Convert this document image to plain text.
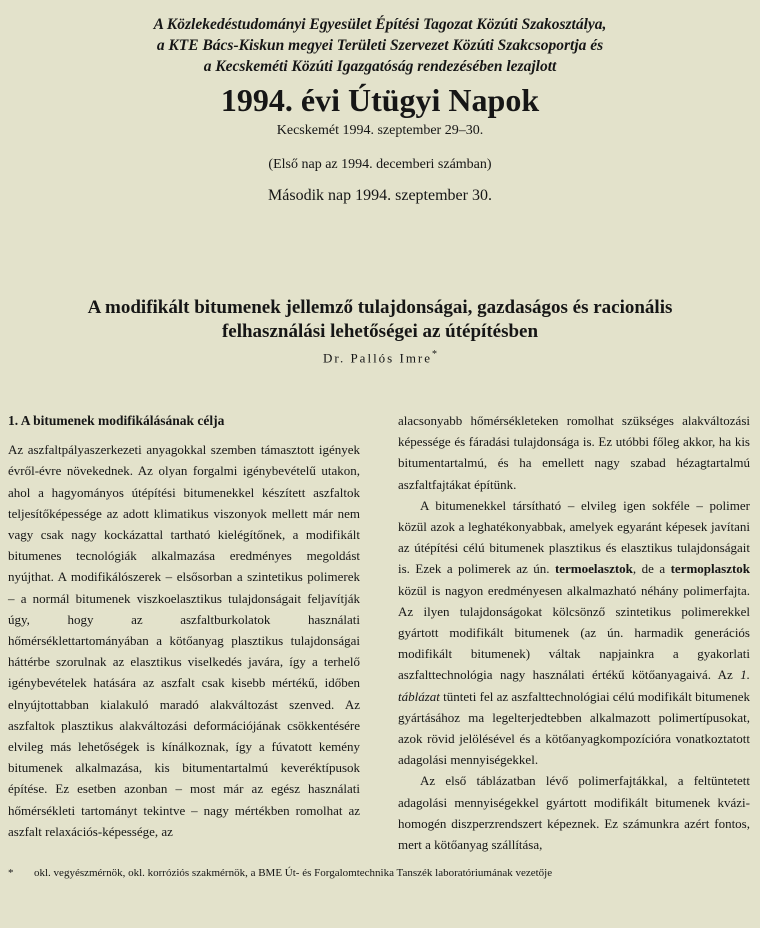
A Közlekedéstudományi Egyesület Építési Tagozat Közúti Szakosztálya,

a KTE Bács-Kiskun megyei Területi Szervezet Közúti Szakcsoportja és

a Kecskeméti Közúti Igazgatóság rendezésében lezajlott

1994. évi Útügyi Napok

Kecskemét 1994. szeptember 29–30.

(Első nap az 1994. decemberi számban)

Második nap 1994. szeptember 30.

A modifikált bitumenek jellemző tulajdonságai, gazdaságos és racionális
felhasználási lehetőségei az útépítésben
Dr. Pallós Imre*

1. A bitumenek modifikálásának célja

Az aszfaltpályaszerkezeti anyagokkal szemben támasztott igények évről-évre növekednek. Az olyan forgalmi igénybevételű utakon, ahol a hagyományos útépítési bitumenekkel készített aszfaltok teljesítőképessége az adott klimatikus viszonyok mellett már nem vagy csak nagy kockázattal tartható kielégítőnek, a modifikált bitumenes tecnológiák alkalmazása eredményes megoldást nyújthat. A modifikálószerek – elsősorban a szintetikus polimerek – a normál bitumenek viszkoelasztikus tulajdonságait feljavítják úgy, hogy az aszfaltburkolatok használati hőmérséklettartományában a kötőanyag plasztikus tulajdonságai háttérbe szorulnak az elasztikus viselkedés javára, így a terhelő igénybevételek hatására az aszfalt csak kisebb mértékű, időben elnyújtottabban kialakuló maradó alakváltozást szenved. Az aszfaltok plasztikus alakváltozási deformációjának csökkentésére elvileg más lehetőségek is kínálkoznak, így a fúvatott kemény bitumenek alkalmazása, kis bitumentartalmú keveréktípusok építése. Ez esetben azonban – most már az egész használati hőmérsékleti tartományt tekintve – nagy mértékben romolhat az aszfalt relaxációs-képessége, az

alacsonyabb hőmérsékleteken romolhat szükséges alakváltozási képessége és fáradási tulajdonsága is. Ez utóbbi főleg akkor, ha kis bitumentartalmú, és ha emellett nagy szabad hézagtartalmú aszfaltfajtákat építünk.

A bitumenekkel társítható – elvileg igen sokféle – polimer közül azok a leghatékonyabbak, amelyek egyaránt képesek javítani az útépítési célú bitumenek plasztikus és elasztikus tulajdonságait is. Ezek a polimerek az ún. termoelasztok, de a termoplasztok közül is nagyon eredményesen alkalmazható néhány polimerfajta. Az ilyen tulajdonságokat kölcsönző szintetikus polimerekkel gyártott modifikált bitumenek (az ún. harmadik generációs modifikált bitumenek) váltak napjainkra a gyakorlati aszfalttechnológia nagy használati értékű kötőanyagaivá. Az 1. táblázat tünteti fel az aszfalttechnológiai célú modifikált bitumenek gyártásához ma legelterjedtebben alkalmazott polimertípusokat, azok rövid jelölésével és a kötőanyagkompozícióra vonatkoztatott adagolási mennyiségekkel.

Az első táblázatban lévő polimerfajtákkal, a feltüntetett adagolási mennyiségekkel gyártott modifikált bitumenek kvázi-homogén diszperzrendszert képeznek. Ez számunkra azért fontos, mert a kötőanyag szállítása,

* okl. vegyészmérnök, okl. korróziós szakmérnök, a BME Út- és Forgalomtechnika Tanszék laboratóriumának vezetője
